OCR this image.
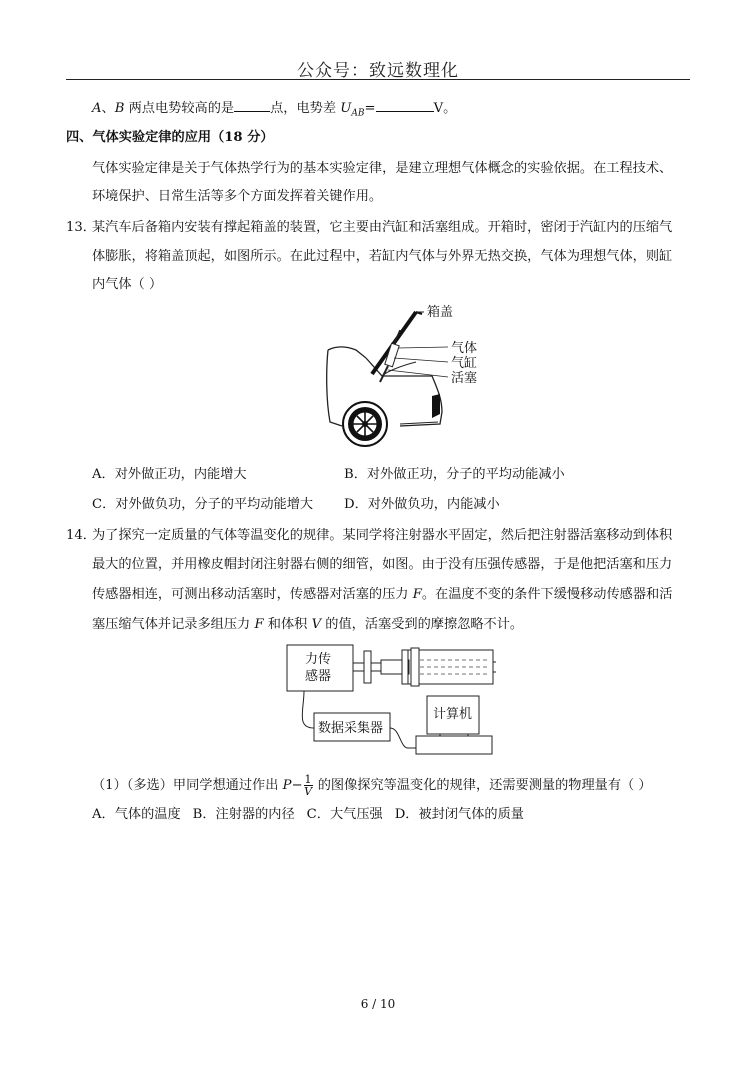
公众号：致远数理化
A、B 两点电势较高的是	点，电势差 $U_{AB}=$	V。
四、气体实验定律的应用（18 分）
气体实验定律是关于气体热学行为的基本实验定律，是建立理想气体概念的实验依据。在工程技术、
环境保护、日常生活等多个方面发挥着关键作用。
13．
某汽车后备箱内安装有撑起箱盖的装置，它主要由汽缸和活塞组成。开箱时，密闭于汽缸内的压缩气
体膨胀，将箱盖顶起，如图所示。在此过程中，若缸内气体与外界无热交换，气体为理想气体，则缸
内气体（ ）
箱盖
气体
气缸
活塞
A．对外做正功，内能增大	B．对外做正功，分子的平均动能减小
C．对外做负功，分子的平均动能增大 D．对外做负功，内能减小
14．
为了探究一定质量的气体等温变化的规律。某同学将注射器水平固定，然后把注射器活塞移动到体积
最大的位置，并用橡皮帽封闭注射器右侧的细管，如图。由于没有压强传感器，于是他把活塞和压力
传感器相连，可测出移动活塞时，传感器对活塞的压力 F。在温度不变的条件下缓慢移动传感器和活
塞压缩气体并记录多组压力 F 和体积 V 的值，活塞受到的摩擦忽略不计。
力传
感器
数据采集器
计算机
（1）（多选）甲同学想通过作出 $P- \frac{1}{V}$ 的图像探究等温变化的规律，还需要测量的物理量有（ ）
A．气体的温度 B．注射器的内径 C．大气压强 D．被封闭气体的质量
6 / 10
